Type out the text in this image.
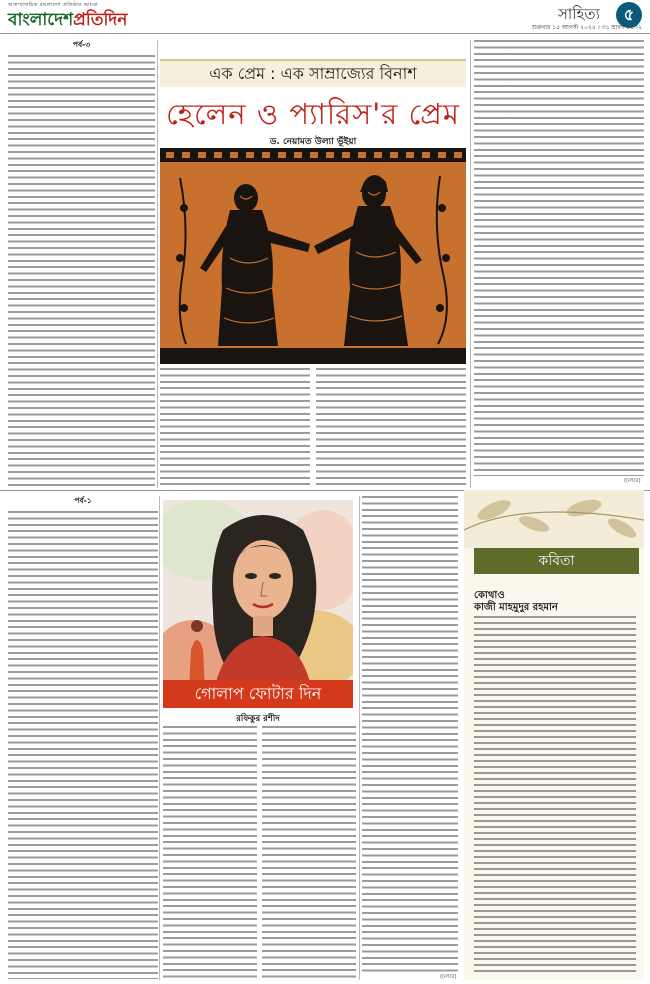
অসাম্প্রদায়িক বাংলাদেশ প্রতিষ্ঠায় আমরা
বাংলাদেশপ্রতিদিন	সাহিত্য	৫
শুক্রবার ১৫ আগস্ট ২০২৫ । ৩১ শ্রাবণ ১৪৩২
পর্ব-৩
এক প্রেম : এক সাম্রাজ্যের বিনাশ
হেলেন ও প্যারিস'র প্রেম
ড. নেয়ামত উল্যা ভূঁইয়া
(চলবে)
পর্ব-১
গোলাপ ফোটার দিন
রফিকুর রশীদ
(চলবে)
কবিতা
কোথাও
কাজী মাহমুদুর রহমান
